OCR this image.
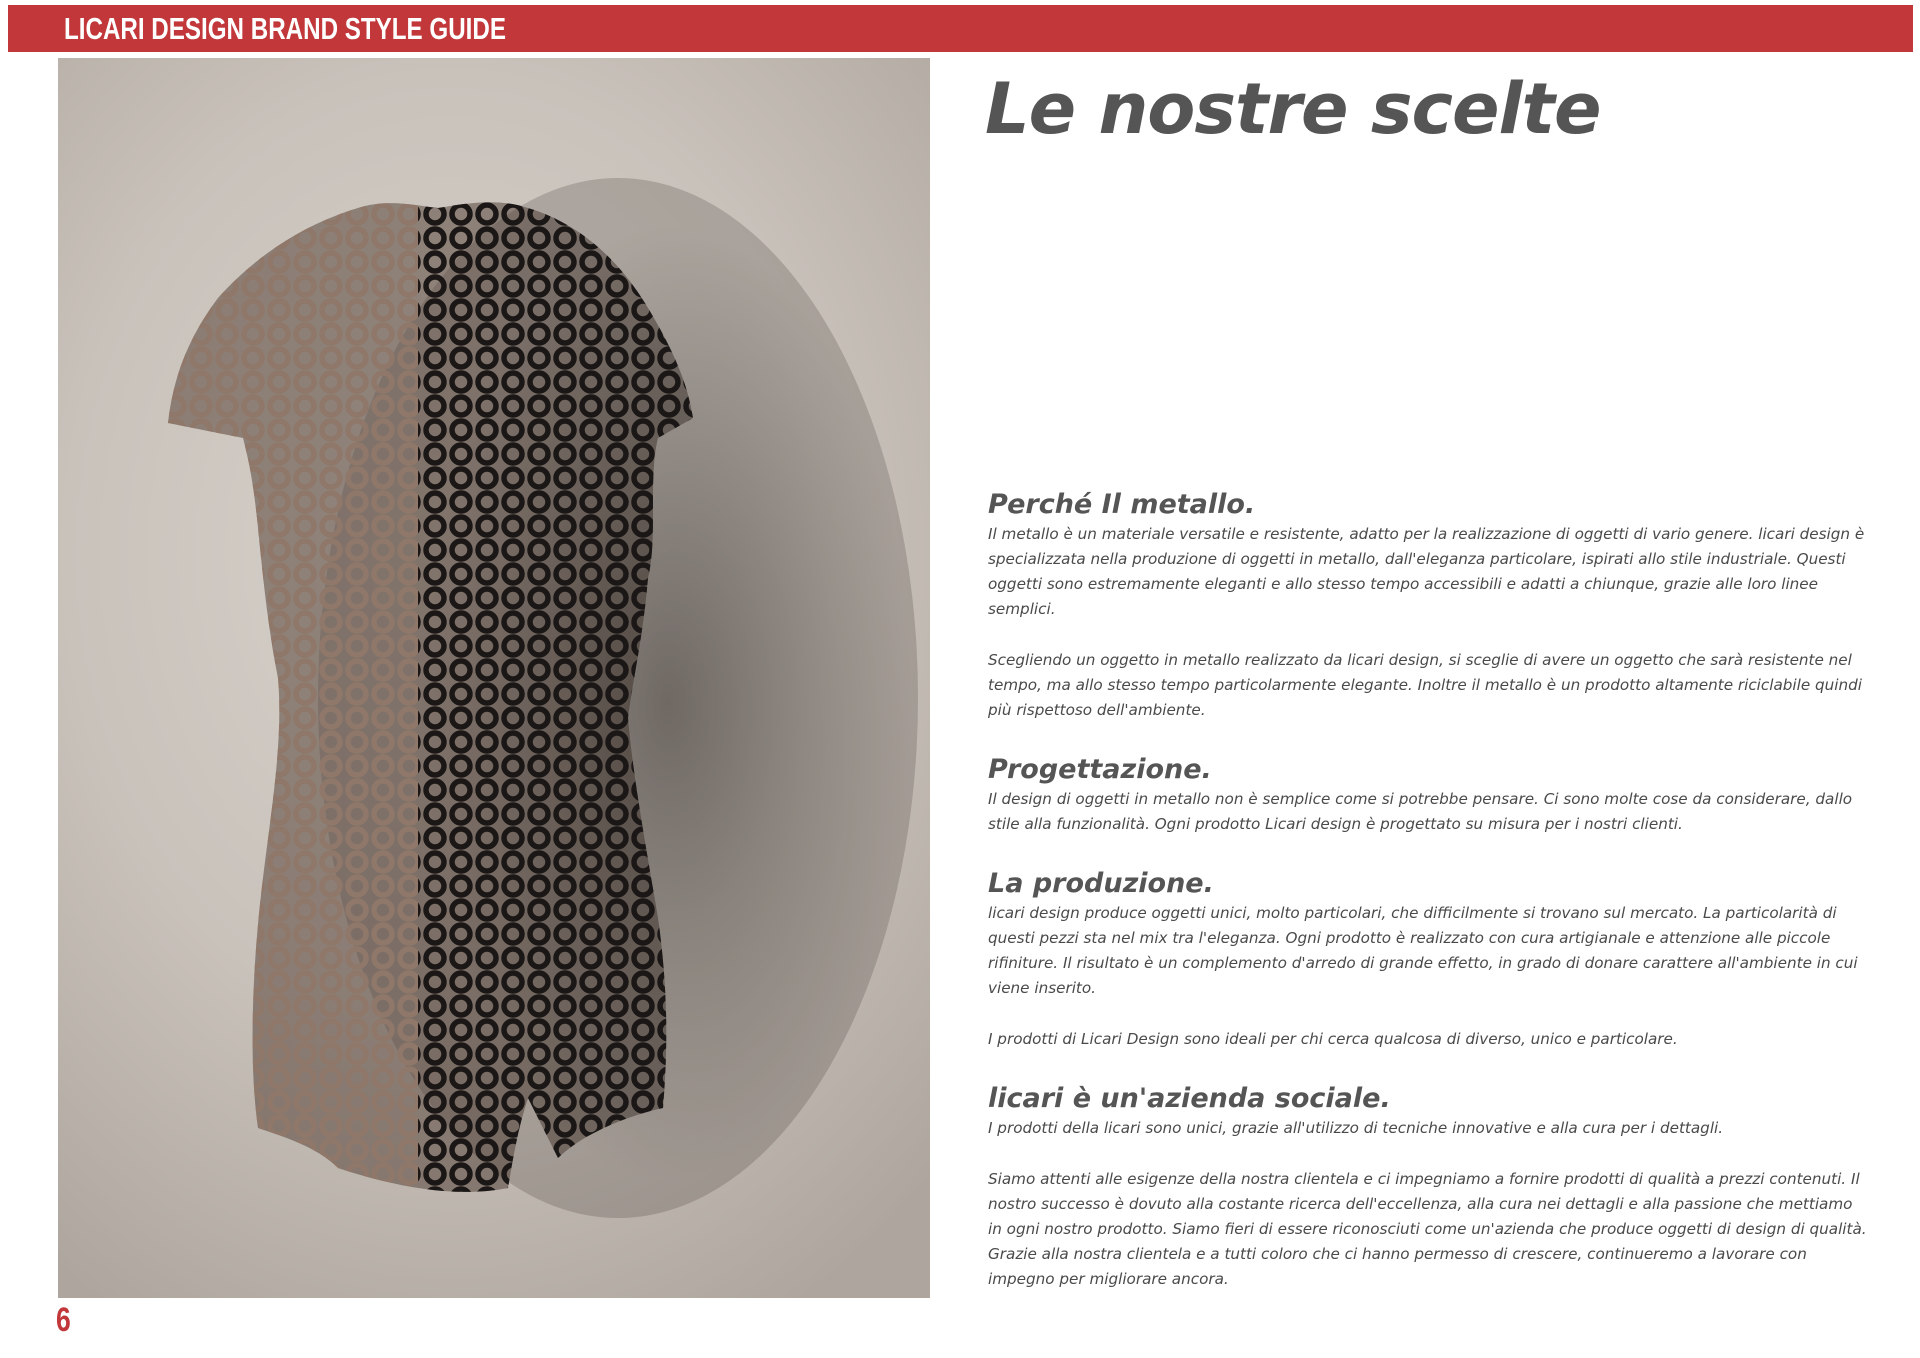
LICARI DESIGN BRAND STYLE GUIDE
6
Le nostre scelte
Perché Il metallo.

Il metallo è un materiale versatile e resistente, adatto per la realizzazione di oggetti di vario genere. licari design è specializzata nella produzione di oggetti in metallo, dall'eleganza particolare, ispirati allo stile industriale. Questi oggetti sono estremamente eleganti e allo stesso tempo accessibili e adatti a chiunque, grazie alle loro linee semplici.

Scegliendo un oggetto in metallo realizzato da licari design, si sceglie di avere un oggetto che sarà resistente nel tempo, ma allo stesso tempo particolarmente elegante. Inoltre il metallo è un prodotto altamente riciclabile quindi più rispettoso dell'ambiente.

Progettazione.

Il design di oggetti in metallo non è semplice come si potrebbe pensare. Ci sono molte cose da considerare, dallo stile alla funzionalità. Ogni prodotto Licari design è progettato su misura per i nostri clienti.

La produzione.

licari design produce oggetti unici, molto particolari, che difficilmente si trovano sul mercato. La particolarità di questi pezzi sta nel mix tra l'eleganza. Ogni prodotto è realizzato con cura artigianale e attenzione alle piccole rifiniture. Il risultato è un complemento d'arredo di grande effetto, in grado di donare carattere all'ambiente in cui viene inserito.

I prodotti di Licari Design sono ideali per chi cerca qualcosa di diverso, unico e particolare.

licari è un'azienda sociale.

I prodotti della licari sono unici, grazie all'utilizzo di tecniche innovative e alla cura per i dettagli.

Siamo attenti alle esigenze della nostra clientela e ci impegniamo a fornire prodotti di qualità a prezzi contenuti. Il nostro successo è dovuto alla costante ricerca dell'eccellenza, alla cura nei dettagli e alla passione che mettiamo in ogni nostro prodotto. Siamo fieri di essere riconosciuti come un'azienda che produce oggetti di design di qualità. Grazie alla nostra clientela e a tutti coloro che ci hanno permesso di crescere, continueremo a lavorare con impegno per migliorare ancora.
